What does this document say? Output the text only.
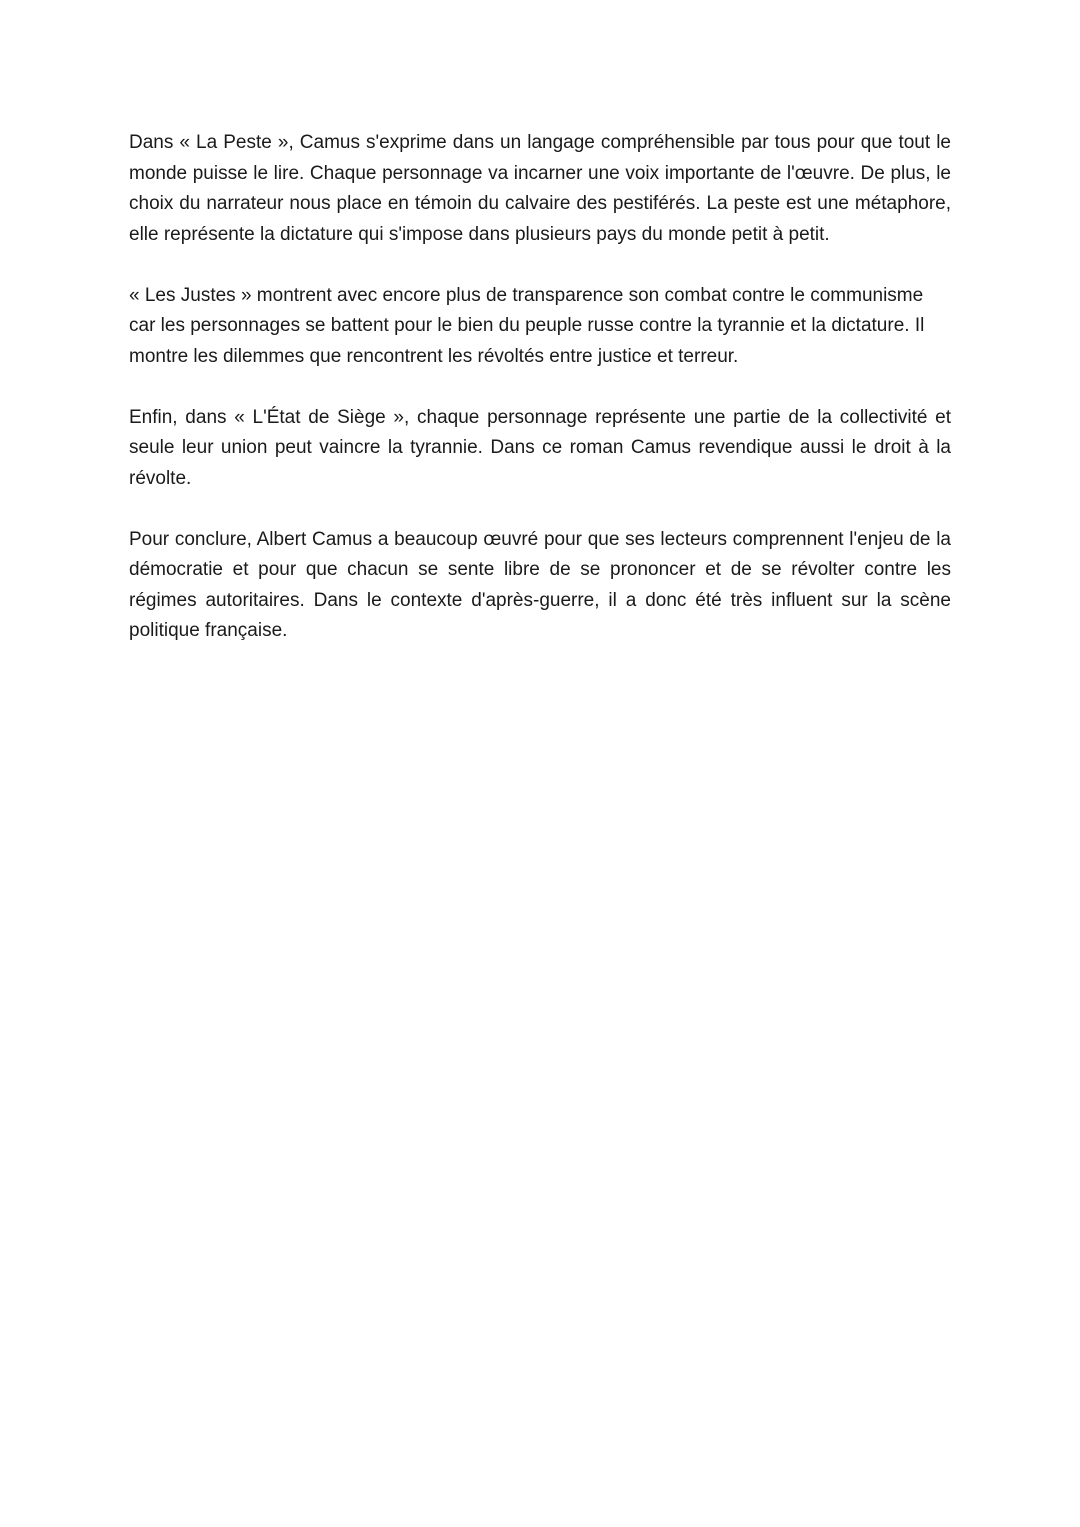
Dans « La Peste », Camus s'exprime dans un langage compréhensible par tous pour que tout le monde puisse le lire. Chaque personnage va incarner une voix importante de l'œuvre. De plus, le choix du narrateur nous place en témoin du calvaire des pestiférés. La peste est une métaphore, elle représente la dictature qui s'impose dans plusieurs pays du monde petit à petit.

« Les Justes » montrent avec encore plus de transparence son combat contre le communisme car les personnages se battent pour le bien du peuple russe contre la tyrannie et la dictature. Il montre les dilemmes que rencontrent les révoltés entre justice et terreur.

Enfin, dans « L'État de Siège », chaque personnage représente une partie de la collectivité et seule leur union peut vaincre la tyrannie. Dans ce roman Camus revendique aussi le droit à la révolte.

Pour conclure, Albert Camus a beaucoup œuvré pour que ses lecteurs comprennent l'enjeu de la démocratie et pour que chacun se sente libre de se prononcer et de se révolter contre les régimes autoritaires. Dans le contexte d'après-guerre, il a donc été très influent sur la scène politique française.
